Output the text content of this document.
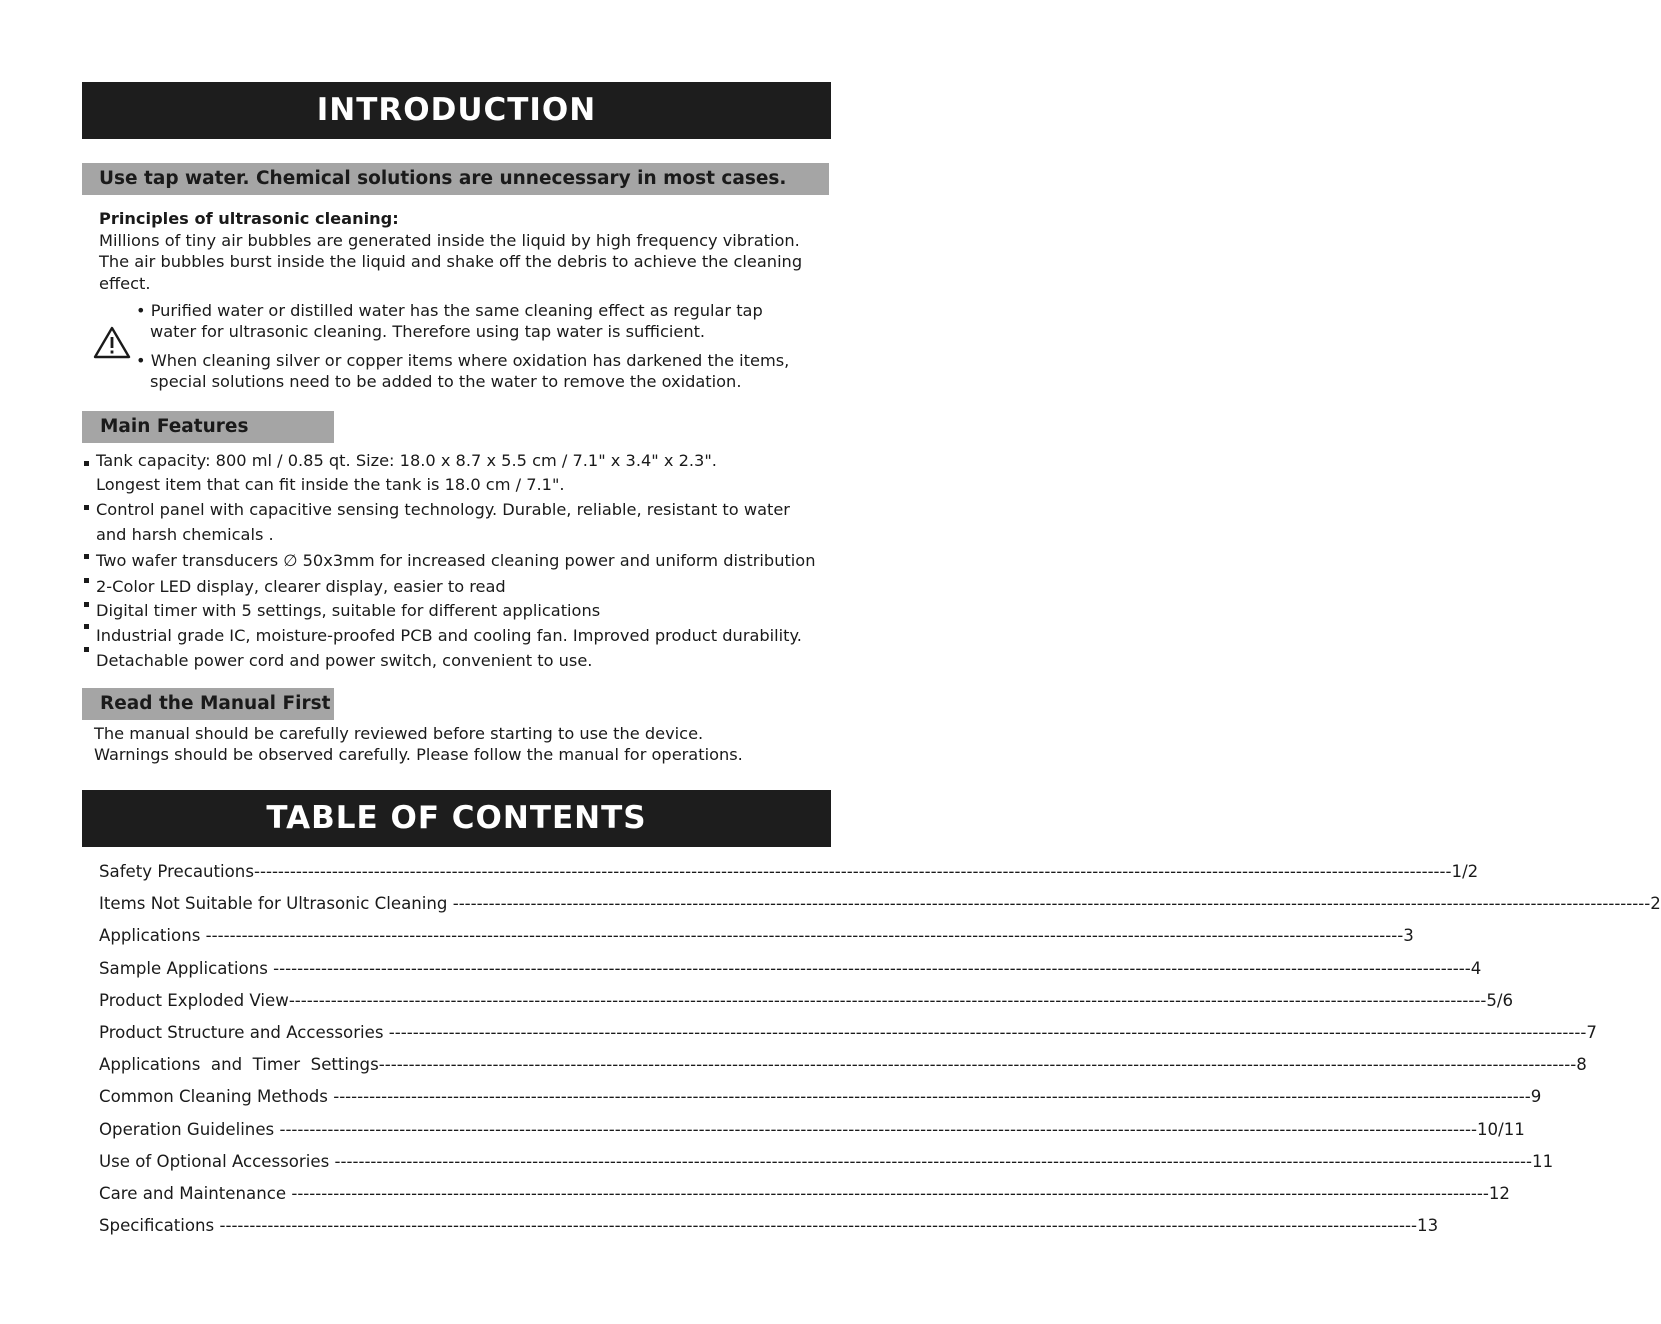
INTRODUCTION
Use tap water. Chemical solutions are unnecessary in most cases.
Principles of ultrasonic cleaning:
Millions of tiny air bubbles are generated inside the liquid by high frequency vibration.
The air bubbles burst inside the liquid and shake off the debris to achieve the cleaning
effect.
• Purified water or distilled water has the same cleaning effect as regular tap
water for ultrasonic cleaning. Therefore using tap water is sufficient.
• When cleaning silver or copper items where oxidation has darkened the items,
special solutions need to be added to the water to remove the oxidation.
Main Features
Tank capacity: 800 ml / 0.85 qt. Size: 18.0 x 8.7 x 5.5 cm / 7.1" x 3.4" x 2.3".
Longest item that can fit inside the tank is 18.0 cm / 7.1".
Control panel with capacitive sensing technology. Durable, reliable, resistant to water
and harsh chemicals .
Two wafer transducers ∅ 50x3mm for increased cleaning power and uniform distribution
2-Color LED display, clearer display, easier to read
Digital timer with 5 settings, suitable for different applications
Industrial grade IC, moisture-proofed PCB and cooling fan. Improved product durability.
Detachable power cord and power switch, convenient to use.
Read the Manual First
The manual should be carefully reviewed before starting to use the device.
Warnings should be observed carefully. Please follow the manual for operations.
TABLE OF CONTENTS
Safety Precautions -------------------------------------------------------------------------------------------------------------------------------------------------------------------------------------------------------- 1/2
Items Not Suitable for Ultrasonic Cleaning -------------------------------------------------------------------------------------------------------------------------------------------------------------------------------------------------------- 2
Applications -------------------------------------------------------------------------------------------------------------------------------------------------------------------------------------------------------- 3
Sample Applications -------------------------------------------------------------------------------------------------------------------------------------------------------------------------------------------------------- 4
Product Exploded View -------------------------------------------------------------------------------------------------------------------------------------------------------------------------------------------------------- 5/6
Product Structure and Accessories -------------------------------------------------------------------------------------------------------------------------------------------------------------------------------------------------------- 7
Applications  and  Timer  Settings -------------------------------------------------------------------------------------------------------------------------------------------------------------------------------------------------------- 8
Common Cleaning Methods -------------------------------------------------------------------------------------------------------------------------------------------------------------------------------------------------------- 9
Operation Guidelines -------------------------------------------------------------------------------------------------------------------------------------------------------------------------------------------------------- 10/11
Use of Optional Accessories -------------------------------------------------------------------------------------------------------------------------------------------------------------------------------------------------------- 11
Care and Maintenance -------------------------------------------------------------------------------------------------------------------------------------------------------------------------------------------------------- 12
Specifications -------------------------------------------------------------------------------------------------------------------------------------------------------------------------------------------------------- 13
